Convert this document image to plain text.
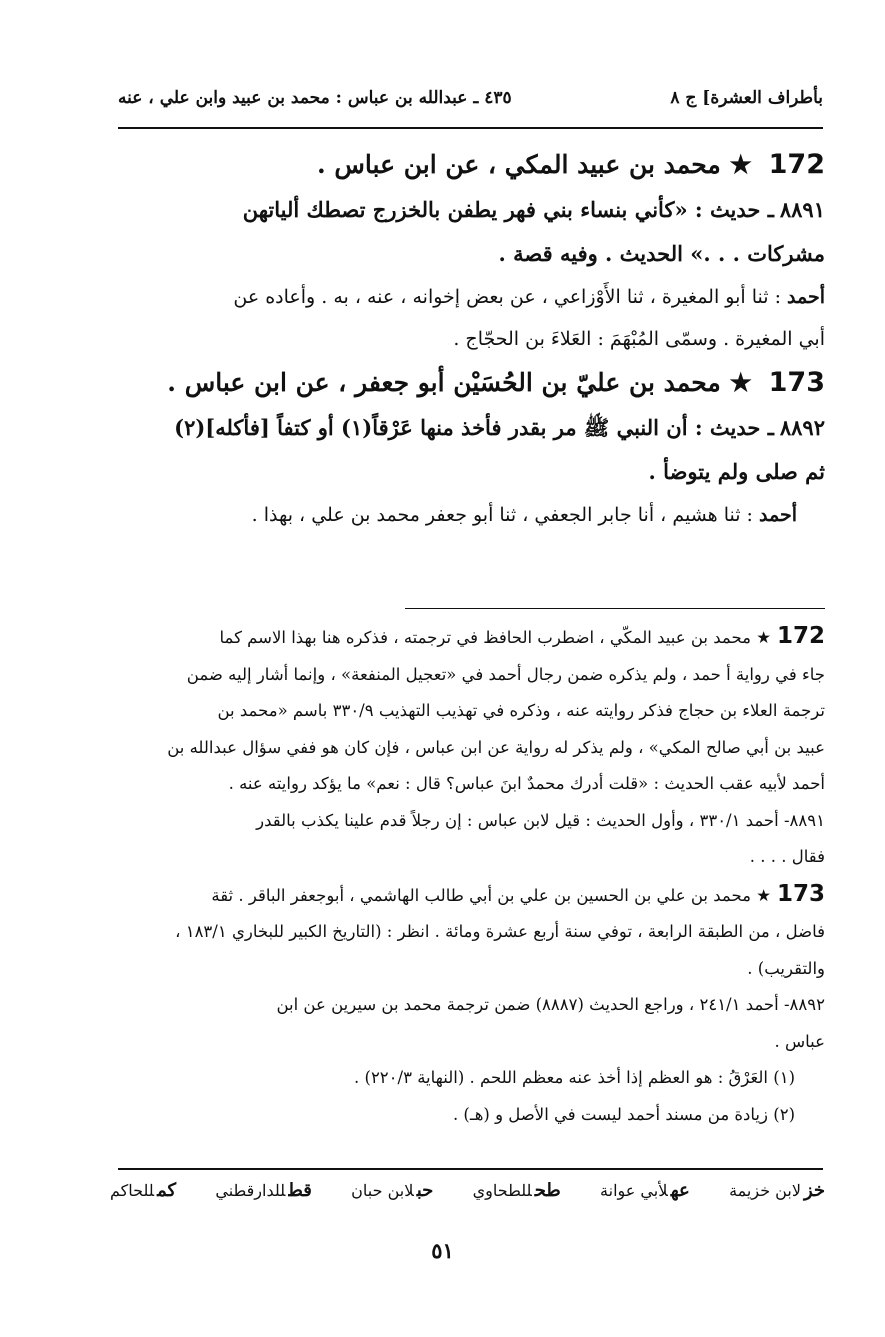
بأطراف العشرة] ج ٨
٤٣٥ ـ عبدالله بن عباس : محمد بن عبيد وابن علي ، عنه
172 ★ محمد بن عبيد المكي ، عن ابن عباس .
٨٨٩١ـ حديث : «كأني بنساء بني فهر يطفن بالخزرج تصطك ألياتهن
مشركات . . .» الحديث . وفيه قصة .
أحمد : ثنا أبو المغيرة ، ثنا الأَوْزاعي ، عن بعض إخوانه ، عنه ، به . وأعاده عن
أبي المغيرة . وسمّى المُبْهَمَ : العَلاءَ بن الحجّاج .
173 ★ محمد بن عليّ بن الحُسَيْن أبو جعفر ، عن ابن عباس .
٨٨٩٢ـ حديث : أن النبي ﷺ مر بقدر فأخذ منها عَرْقاً(١) أو كتفاً [فأكله](٢)
ثم صلى ولم يتوضأ .
أحمد : ثنا هشيم ، أنا جابر الجعفي ، ثنا أبو جعفر محمد بن علي ، بهذا .
172★ محمد بن عبيد المكّي ، اضطرب الحافظ في ترجمته ، فذكره هنا بهذا الاسم كما
جاء في رواية أ حمد ، ولم يذكره ضمن رجال أحمد في «تعجيل المنفعة» ، وإنما أشار إليه ضمن
ترجمة العلاء بن حجاج فذكر روايته عنه ، وذكره في تهذيب التهذيب ٣٣٠/٩ باسم «محمد بن
عبيد بن أبي صالح المكي» ، ولم يذكر له رواية عن ابن عباس ، فإن كان هو ففي سؤال عبدالله بن
أحمد لأبيه عقب الحديث : «قلت أدرك محمدٌ ابنَ عباس؟ قال : نعم» ما يؤكد روايته عنه .
٨٨٩١- أحمد ٣٣٠/١ ، وأول الحديث : قيل لابن عباس : إن رجلاً قدم علينا يكذب بالقدر
فقال . . . .
173★ محمد بن علي بن الحسين بن علي بن أبي طالب الهاشمي ، أبوجعفر الباقر . ثقة
فاضل ، من الطبقة الرابعة ، توفي سنة أربع عشرة ومائة . انظر : (التاريخ الكبير للبخاري ١٨٣/١ ،
والتقريب) .
٨٨٩٢- أحمد ٢٤١/١ ، وراجع الحديث (٨٨٨٧) ضمن ترجمة محمد بن سيرين عن ابن
عباس .
(١) العَرْقُ : هو العظم إذا أخذ عنه معظم اللحم . (النهاية ٢٢٠/٣) .
(٢) زيادة من مسند أحمد ليست في الأصل و (هـ) .
خزلابن خزيمة
عهلأبي عوانة
طحللطحاوي
حبلابن حبان
قطللدارقطني
كمللحاكم
٥١
